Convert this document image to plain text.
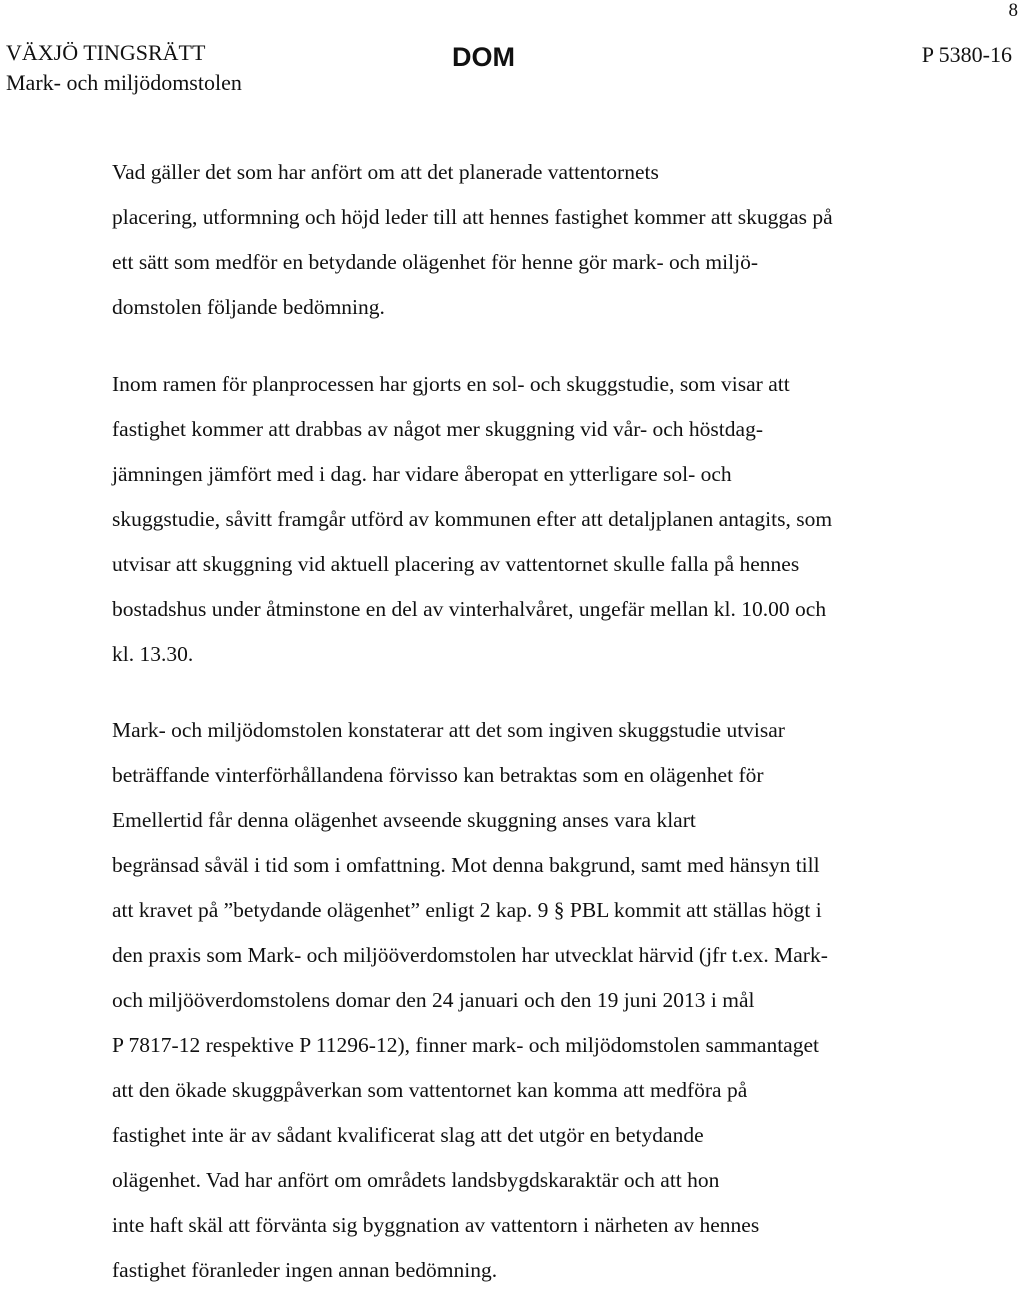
8
VÄXJÖ TINGSRÄTT
Mark- och miljödomstolen
DOM	P 5380-16
Vad gäller det som har anfört om att det planerade vattentornets
placering, utformning och höjd leder till att hennes fastighet kommer att skuggas på
ett sätt som medför en betydande olägenhet för henne gör mark- och miljö-
domstolen följande bedömning.
Inom ramen för planprocessen har gjorts en sol- och skuggstudie, som visar att
fastighet kommer att drabbas av något mer skuggning vid vår- och höstdag-
jämningen jämfört med i dag. har vidare åberopat en ytterligare sol- och
skuggstudie, såvitt framgår utförd av kommunen efter att detaljplanen antagits, som
utvisar att skuggning vid aktuell placering av vattentornet skulle falla på hennes
bostadshus under åtminstone en del av vinterhalvåret, ungefär mellan kl. 10.00 och
kl. 13.30.
Mark- och miljödomstolen konstaterar att det som ingiven skuggstudie utvisar
beträffande vinterförhållandena förvisso kan betraktas som en olägenhet för
Emellertid får denna olägenhet avseende skuggning anses vara klart
begränsad såväl i tid som i omfattning. Mot denna bakgrund, samt med hänsyn till
att kravet på ”betydande olägenhet” enligt 2 kap. 9 § PBL kommit att ställas högt i
den praxis som Mark- och miljööverdomstolen har utvecklat härvid (jfr t.ex. Mark-
och miljööverdomstolens domar den 24 januari och den 19 juni 2013 i mål
P 7817-12 respektive P 11296-12), finner mark- och miljödomstolen sammantaget
att den ökade skuggpåverkan som vattentornet kan komma att medföra på
fastighet inte är av sådant kvalificerat slag att det utgör en betydande
olägenhet. Vad har anfört om områdets landsbygdskaraktär och att hon
inte haft skäl att förvänta sig byggnation av vattentorn i närheten av hennes
fastighet föranleder ingen annan bedömning.
